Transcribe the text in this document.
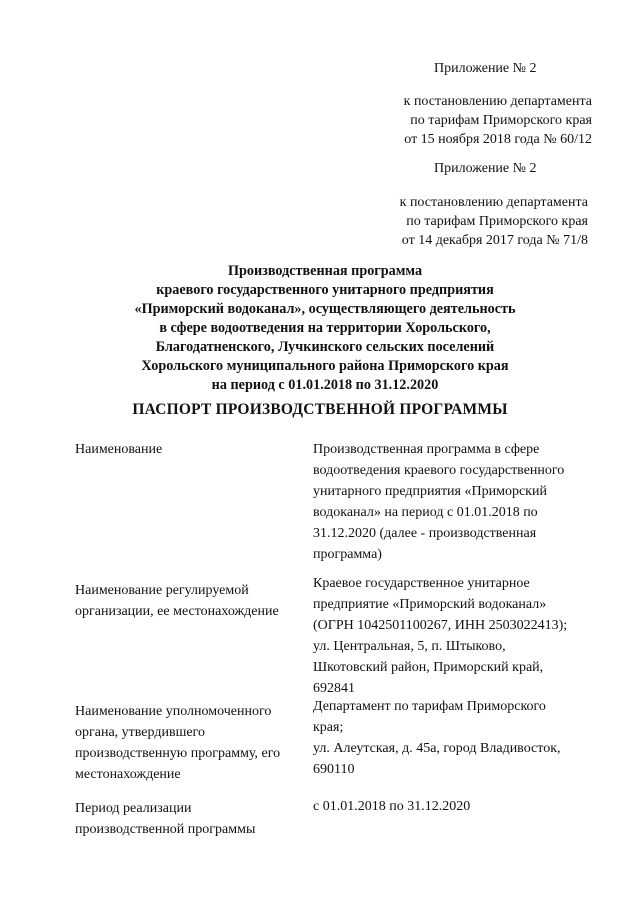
Приложение № 2
к постановлению департамента
по тарифам Приморского края
от 15 ноября 2018 года № 60/12
Приложение № 2
к постановлению департамента
по тарифам Приморского края
от 14 декабря 2017 года № 71/8
Производственная программа
краевого государственного унитарного предприятия
«Приморский водоканал», осуществляющего деятельность
в сфере водоотведения на территории Хорольского,
Благодатненского, Лучкинского сельских поселений
Хорольского муниципального района Приморского края
на период с 01.01.2018 по 31.12.2020
ПАСПОРТ ПРОИЗВОДСТВЕННОЙ ПРОГРАММЫ
Наименование	Производственная программа в сфере
водоотведения краевого государственного
унитарного предприятия «Приморский
водоканал» на период с 01.01.2018 по
31.12.2020 (далее - производственная
программа)
Наименование регулируемой
организации, ее местонахождение
Краевое государственное унитарное
предприятие «Приморский водоканал»
(ОГРН 1042501100267, ИНН 2503022413);
ул. Центральная, 5, п. Штыково,
Шкотовский район, Приморский край,
692841
Наименование уполномоченного
органа, утвердившего
производственную программу, его
местонахождение
Департамент по тарифам Приморского
края;
ул. Алеутская, д. 45а, город Владивосток,
690110
Период реализации
производственной программы
с 01.01.2018 по 31.12.2020
